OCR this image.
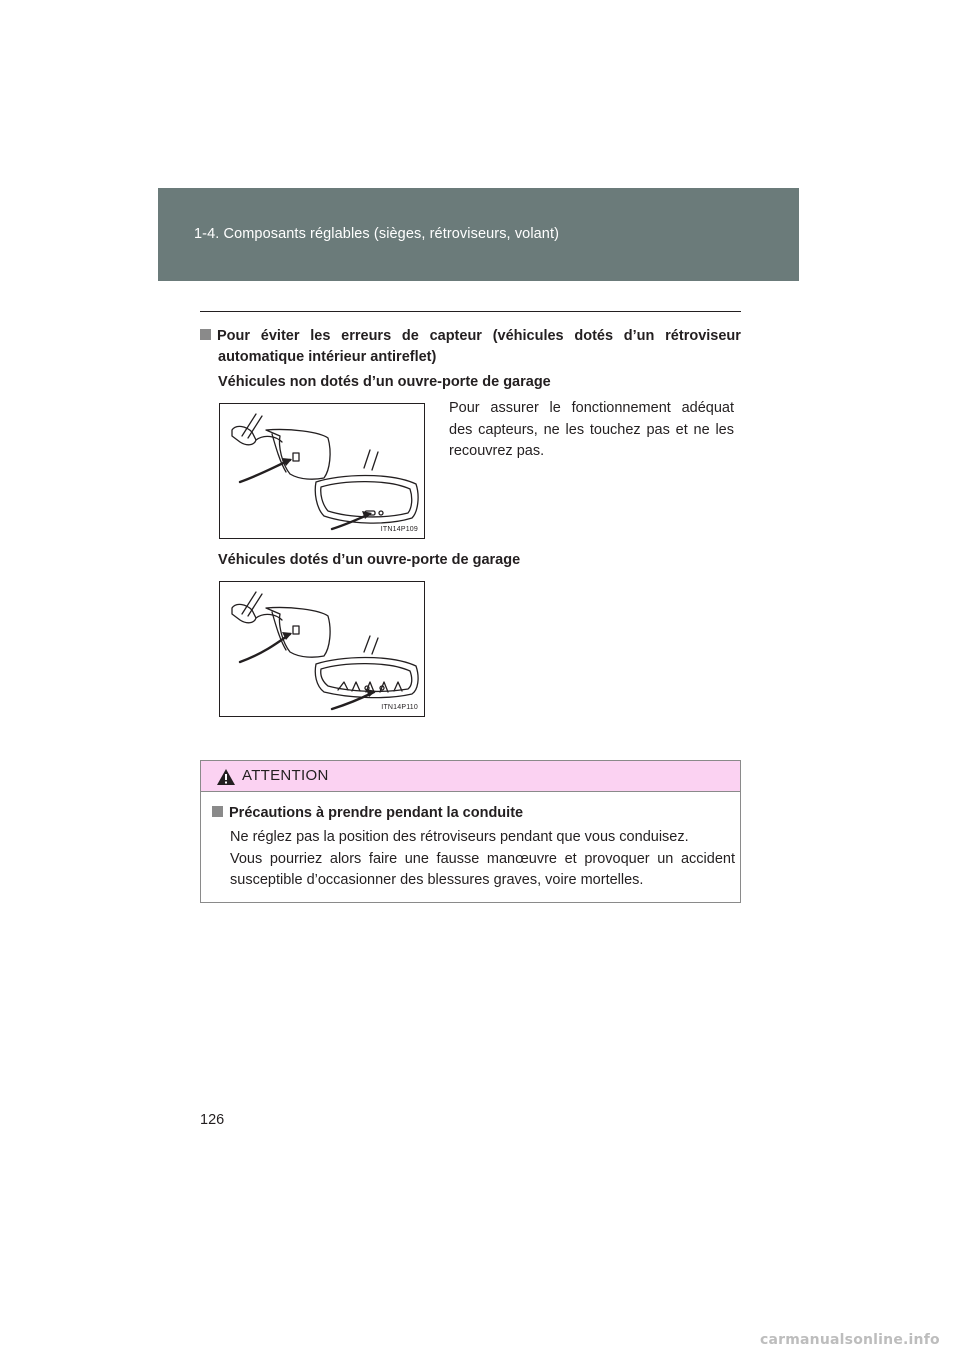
1-4. Composants réglables (sièges, rétroviseurs, volant)
Pour éviter les erreurs de capteur (véhicules dotés d’un rétroviseur
automatique intérieur antireflet)
Véhicules non dotés d’un ouvre-porte de garage
ITN14P109
Pour assurer le fonctionnement adéquat des capteurs, ne les touchez pas et ne les recouvrez pas.
Véhicules dotés d’un ouvre-porte de garage
ITN14P110
ATTENTION
Précautions à prendre pendant la conduite
Ne réglez pas la position des rétroviseurs pendant que vous conduisez.
Vous pourriez alors faire une fausse manœuvre et provoquer un accident
susceptible d’occasionner des blessures graves, voire mortelles.
126
carmanualsonline.info
